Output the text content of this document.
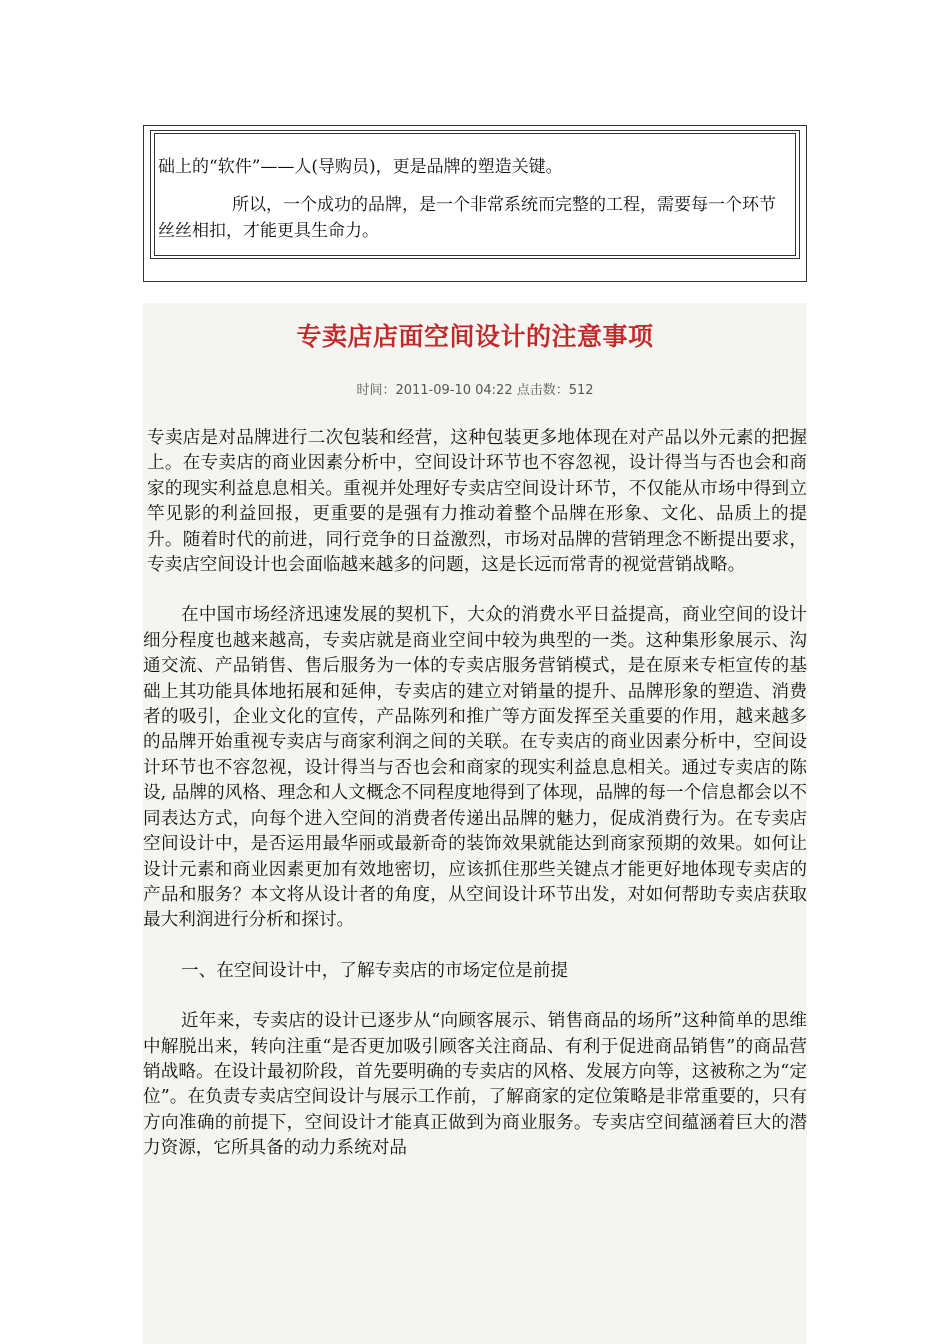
础上的“软件”——人(导购员)，更是品牌的塑造关键。

所以，一个成功的品牌，是一个非常系统而完整的工程，需要每一个环节丝丝相扣，才能更具生命力。

专卖店店面空间设计的注意事项
时间：2011-09-10 04:22 点击数：512

专卖店是对品牌进行二次包装和经营，这种包装更多地体现在对产品以外元素的把握上。在专卖店的商业因素分析中，空间设计环节也不容忽视，设计得当与否也会和商家的现实利益息息相关。重视并处理好专卖店空间设计环节，不仅能从市场中得到立竿见影的利益回报，更重要的是强有力推动着整个品牌在形象、文化、品质上的提升。随着时代的前进，同行竞争的日益激烈，市场对品牌的营销理念不断提出要求，专卖店空间设计也会面临越来越多的问题，这是长远而常青的视觉营销战略。

在中国市场经济迅速发展的契机下，大众的消费水平日益提高，商业空间的设计细分程度也越来越高，专卖店就是商业空间中较为典型的一类。这种集形象展示、沟通交流、产品销售、售后服务为一体的专卖店服务营销模式，是在原来专柜宣传的基础上其功能具体地拓展和延伸，专卖店的建立对销量的提升、品牌形象的塑造、消费者的吸引，企业文化的宣传，产品陈列和推广等方面发挥至关重要的作用，越来越多的品牌开始重视专卖店与商家利润之间的关联。在专卖店的商业因素分析中，空间设计环节也不容忽视，设计得当与否也会和商家的现实利益息息相关。通过专卖店的陈设, 品牌的风格、理念和人文概念不同程度地得到了体现，品牌的每一个信息都会以不同表达方式，向每个进入空间的消费者传递出品牌的魅力，促成消费行为。在专卖店空间设计中，是否运用最华丽或最新奇的装饰效果就能达到商家预期的效果。如何让设计元素和商业因素更加有效地密切，应该抓住那些关键点才能更好地体现专卖店的产品和服务？本文将从设计者的角度，从空间设计环节出发，对如何帮助专卖店获取最大利润进行分析和探讨。

一、在空间设计中，了解专卖店的市场定位是前提

近年来，专卖店的设计已逐步从“向顾客展示、销售商品的场所”这种简单的思维中解脱出来，转向注重“是否更加吸引顾客关注商品、有利于促进商品销售”的商品营销战略。在设计最初阶段，首先要明确的专卖店的风格、发展方向等，这被称之为“定位”。在负责专卖店空间设计与展示工作前，了解商家的定位策略是非常重要的，只有方向准确的前提下，空间设计才能真正做到为商业服务。专卖店空间蕴涵着巨大的潜力资源，它所具备的动力系统对品
